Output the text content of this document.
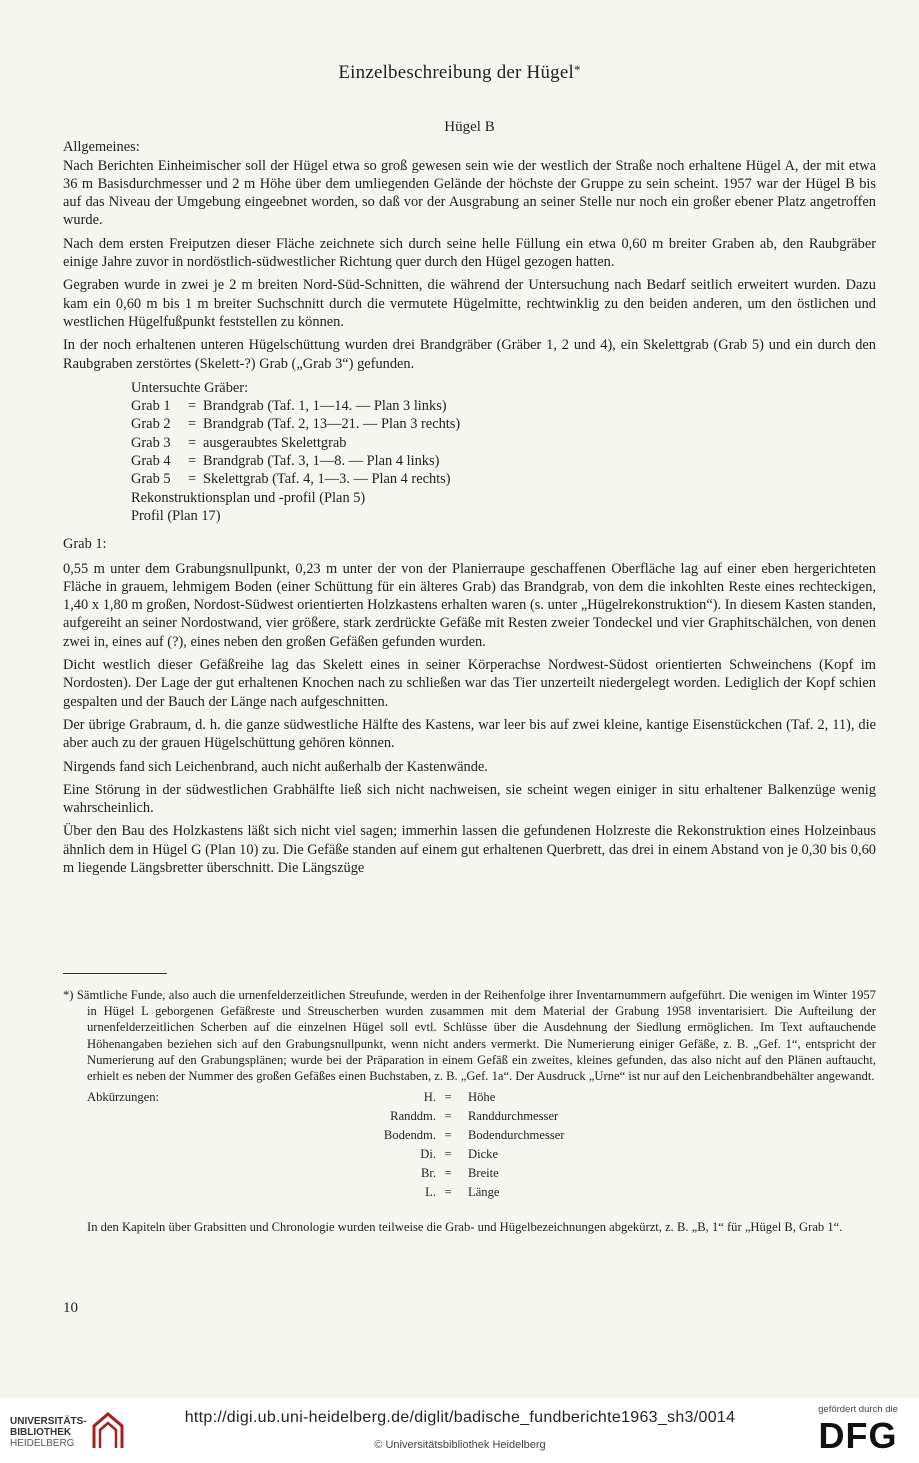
Einzelbeschreibung der Hügel*
Hügel B
Allgemeines:

Nach Berichten Einheimischer soll der Hügel etwa so groß gewesen sein wie der westlich der Straße noch erhaltene Hügel A, der mit etwa 36 m Basisdurchmesser und 2 m Höhe über dem umliegenden Gelände der höchste der Gruppe zu sein scheint. 1957 war der Hügel B bis auf das Niveau der Umgebung eingeebnet worden, so daß vor der Ausgrabung an seiner Stelle nur noch ein großer ebener Platz angetroffen wurde.

Nach dem ersten Freiputzen dieser Fläche zeichnete sich durch seine helle Füllung ein etwa 0,60 m breiter Graben ab, den Raubgräber einige Jahre zuvor in nordöstlich-südwestlicher Richtung quer durch den Hügel gezogen hatten.

Gegraben wurde in zwei je 2 m breiten Nord-Süd-Schnitten, die während der Untersuchung nach Bedarf seitlich erweitert wurden. Dazu kam ein 0,60 m bis 1 m breiter Suchschnitt durch die vermutete Hügelmitte, rechtwinklig zu den beiden anderen, um den östlichen und westlichen Hügelfußpunkt feststellen zu können.

In der noch erhaltenen unteren Hügelschüttung wurden drei Brandgräber (Gräber 1, 2 und 4), ein Skelettgrab (Grab 5) und ein durch den Raubgraben zerstörtes (Skelett-?) Grab („Grab 3“) gefunden.

Untersuchte Gräber:
Grab 1	= Brandgrab (Taf. 1, 1—14. — Plan 3 links)
Grab 2	= Brandgrab (Taf. 2, 13—21. — Plan 3 rechts)
Grab 3	= ausgeraubtes Skelettgrab
Grab 4	= Brandgrab (Taf. 3, 1—8. — Plan 4 links)
Grab 5	= Skelettgrab (Taf. 4, 1—3. — Plan 4 rechts)
Rekonstruktionsplan und -profil (Plan 5)
Profil (Plan 17)
Grab 1:

0,55 m unter dem Grabungsnullpunkt, 0,23 m unter der von der Planierraupe geschaffenen Oberfläche lag auf einer eben hergerichteten Fläche in grauem, lehmigem Boden (einer Schüttung für ein älteres Grab) das Brandgrab, von dem die inkohlten Reste eines rechteckigen, 1,40 x 1,80 m großen, Nordost-Südwest orientierten Holzkastens erhalten waren (s. unter „Hügelrekonstruktion“). In diesem Kasten standen, aufgereiht an seiner Nordostwand, vier größere, stark zerdrückte Gefäße mit Resten zweier Tondeckel und vier Graphitschälchen, von denen zwei in, eines auf (?), eines neben den großen Gefäßen gefunden wurden.

Dicht westlich dieser Gefäßreihe lag das Skelett eines in seiner Körperachse Nordwest-Südost orientierten Schweinchens (Kopf im Nordosten). Der Lage der gut erhaltenen Knochen nach zu schließen war das Tier unzerteilt niedergelegt worden. Lediglich der Kopf schien gespalten und der Bauch der Länge nach aufgeschnitten.

Der übrige Grabraum, d. h. die ganze südwestliche Hälfte des Kastens, war leer bis auf zwei kleine, kantige Eisenstückchen (Taf. 2, 11), die aber auch zu der grauen Hügelschüttung gehören können.

Nirgends fand sich Leichenbrand, auch nicht außerhalb der Kastenwände.

Eine Störung in der südwestlichen Grabhälfte ließ sich nicht nachweisen, sie scheint wegen einiger in situ erhaltener Balkenzüge wenig wahrscheinlich.

Über den Bau des Holzkastens läßt sich nicht viel sagen; immerhin lassen die gefundenen Holzreste die Rekonstruktion eines Holzeinbaus ähnlich dem in Hügel G (Plan 10) zu. Die Gefäße standen auf einem gut erhaltenen Querbrett, das drei in einem Abstand von je 0,30 bis 0,60 m liegende Längsbretter überschnitt. Die Längszüge

*) Sämtliche Funde, also auch die urnenfelderzeitlichen Streufunde, werden in der Reihenfolge ihrer Inventarnummern aufgeführt. Die wenigen im Winter 1957 in Hügel L geborgenen Gefäßreste und Streuscherben wurden zusammen mit dem Material der Grabung 1958 inventarisiert. Die Aufteilung der urnenfelderzeitlichen Scherben auf die einzelnen Hügel soll evtl. Schlüsse über die Ausdehnung der Siedlung ermöglichen. Im Text auftauchende Höhenangaben beziehen sich auf den Grabungsnullpunkt, wenn nicht anders vermerkt. Die Numerierung einiger Gefäße, z. B. „Gef. 1“, entspricht der Numerierung auf den Grabungsplänen; wurde bei der Präparation in einem Gefäß ein zweites, kleines gefunden, das also nicht auf den Plänen auftaucht, erhielt es neben der Nummer des großen Gefäßes einen Buchstaben, z. B. „Gef. 1a“. Der Ausdruck „Urne“ ist nur auf den Leichenbrandbehälter angewandt.

Abkürzungen:	H. = Höhe
Randdm. = Randdurchmesser
Bodendm. = Bodendurchmesser
Di. = Dicke
Br. = Breite
L. = Länge

In den Kapiteln über Grabsitten und Chronologie wurden teilweise die Grab- und Hügelbezeichnungen abgekürzt, z. B. „B, 1“ für „Hügel B, Grab 1“.

10
UNIVERSITÄTS-
BIBLIOTHEK
HEIDELBERG
http://digi.ub.uni-heidelberg.de/diglit/badische_fundberichte1963_sh3/0014
© Universitätsbibliothek Heidelberg
gefördert durch die
DFG
